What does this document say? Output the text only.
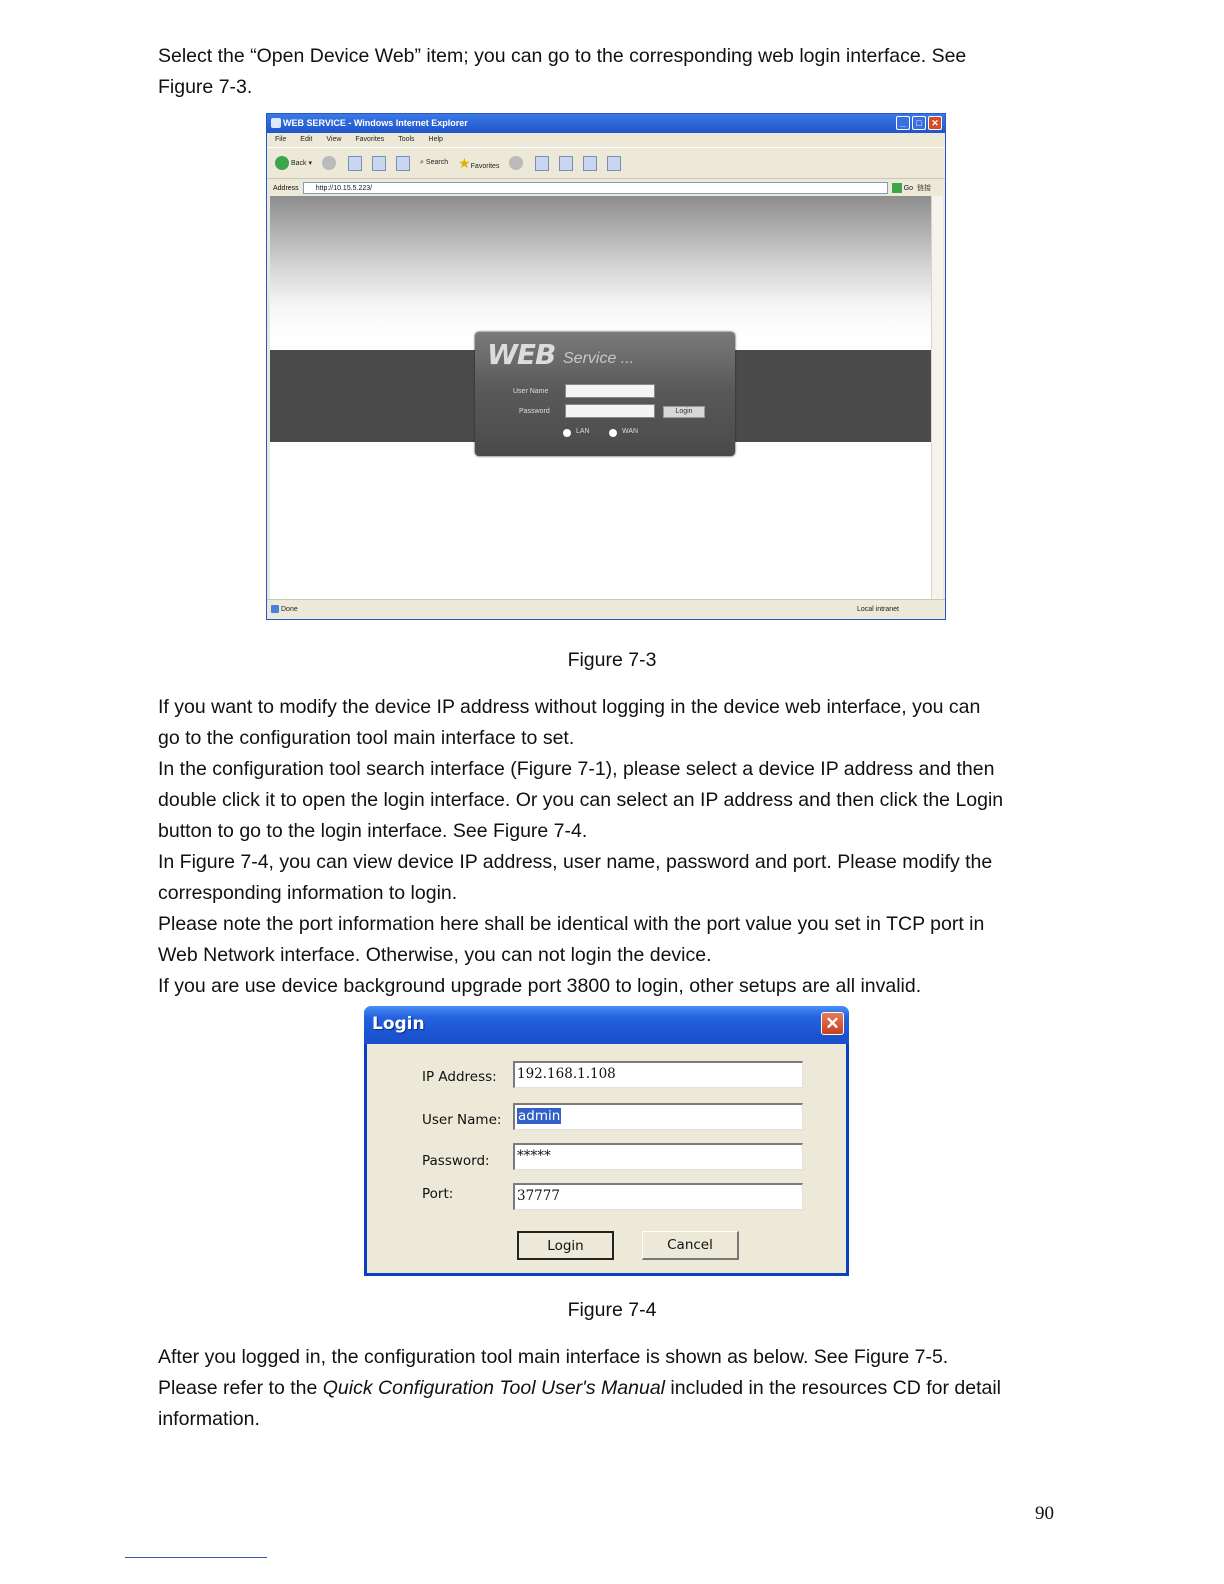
Select the “Open Device Web” item; you can go to the corresponding web login interface. See
Figure 7-3.

WEB SERVICE - Windows Internet Explorer	_	□	✕
File Edit View Favorites Tools Help
Back ▾	⌕ Search ★Favorites
Address	http://10.15.5.223/	Go 链接
WEB Service ...
User Name
Password	Login
LAN	WAN
Done	Local intranet
Figure 7-3

If you want to modify the device IP address without logging in the device web interface, you can
go to the configuration tool main interface to set.
In the configuration tool search interface (Figure 7-1), please select a device IP address and then
double click it to open the login interface. Or you can select an IP address and then click the Login
button to go to the login interface. See Figure 7-4.
In Figure 7-4, you can view device IP address, user name, password and port. Please modify the
corresponding information to login.
Please note the port information here shall be identical with the port value you set in TCP port in
Web Network interface. Otherwise, you can not login the device.
If you are use device background upgrade port 3800 to login, other setups are all invalid.

Login	✕
IP Address: 192.168.1.108
User Name:	admin
Password: *****
Port:	37777
Login	Cancel
Figure 7-4

After you logged in, the configuration tool main interface is shown as below. See Figure 7-5.
Please refer to the Quick Configuration Tool User's Manual included in the resources CD for detail
information.

90
